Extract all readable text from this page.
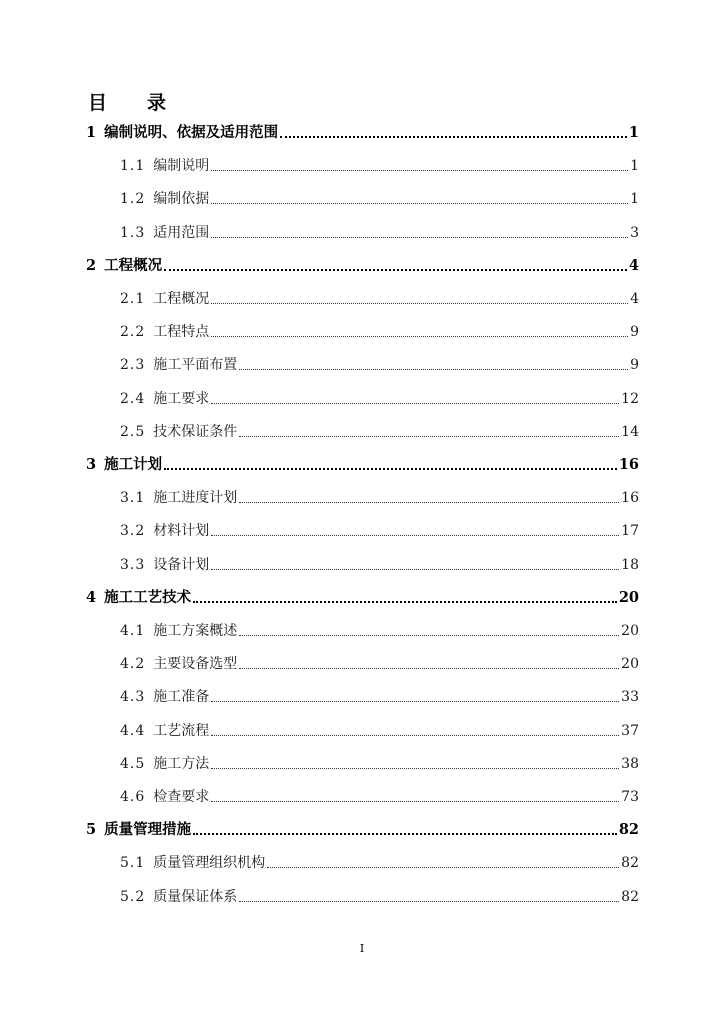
目 录
1 编制说明、依据及适用范围	1
1.1 编制说明	1
1.2 编制依据	1
1.3 适用范围	3
2 工程概况	4
2.1 工程概况	4
2.2 工程特点	9
2.3 施工平面布置	9
2.4 施工要求	12
2.5 技术保证条件	14
3 施工计划	16
3.1 施工进度计划	16
3.2 材料计划	17
3.3 设备计划	18
4 施工工艺技术	20
4.1 施工方案概述	20
4.2 主要设备选型	20
4.3 施工准备	33
4.4 工艺流程	37
4.5 施工方法	38
4.6 检查要求	73
5 质量管理措施	82
5.1 质量管理组织机构	82
5.2 质量保证体系	82
I
